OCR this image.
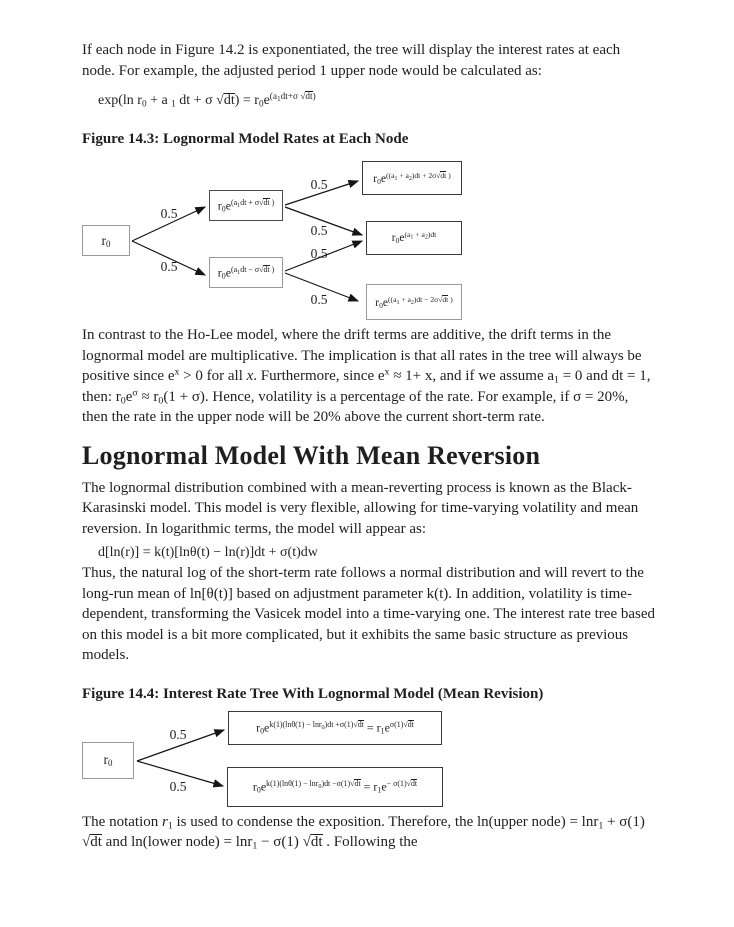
If each node in Figure 14.2 is exponentiated, the tree will display the interest rates at each node. For example, the adjusted period 1 upper node would be calculated as:

exp(ln $r_0 + a$ $_1$ dt + σ $√dt) = r_0e^{(a1dt+\sigma}$ $^{√dt)}$

Figure 14.3: Lognormal Model Rates at Each Node

0.5
0.5
0.5
0.5
0.5
0.5
$r_0$
$r_0e^{(a1dt + \sigma√dt}$ )
$r_0e^{(a1dt - \sigma√dt}$ )
$r_0e^{((a1}$ $^{+ a2)dt + 2\sigma√dt}$ )
$r_0e^{(a1}$ $^{+ a2)dt}$
$r_0e^{((a1}$ $^{+ a2)dt - 2\sigma√dt}$ )

In contrast to the Ho-Lee model, where the drift terms are additive, the drift terms in the lognormal model are multiplicative. The implication is that all rates in the tree will always be positive since $e^x > 0$ for all x. Furthermore, since $e^x \approx 1+ x$, and if we assume $a_1 = 0$ and dt = 1, then: $r_0e^\sigma \approx r_0(1 + \sigma)$. Hence, volatility is a percentage of the rate. For example, if σ = 20%, then the rate in the upper node will be 20% above the current short-term rate.

Lognormal Model With Mean Reversion

The lognormal distribution combined with a mean-reverting process is known as the Black-Karasinski model. This model is very flexible, allowing for time-varying volatility and mean reversion. In logarithmic terms, the model will appear as:

d[ln(r)] = k(t)[lnθ(t) − ln(r)]dt + σ(t)dw

Thus, the natural log of the short-term rate follows a normal distribution and will revert to the long-run mean of ln[θ(t)] based on adjustment parameter k(t). In addition, volatility is time-dependent, transforming the Vasicek model into a time-varying one. The interest rate tree based on this model is a bit more complicated, but it exhibits the same basic structure as previous models.

Figure 14.4: Interest Rate Tree With Lognormal Model (Mean Revision)

0.5
0.5
$r_0$
$r_0e^{k(1)(ln\theta(1) - lnr0)dt +\sigma(1)√dt} = r_1e^{\sigma(1)√dt}$
$r_0e^{k(1)(ln\theta(1) - lnr0)dt -\sigma(1)√dt} = r_1e^{- \sigma(1)√dt}$

The notation $r_1$ is used to condense the exposition. Therefore, the ln(upper node) = lnr$_1$ + σ(1) √dt and ln(lower node) = lnr$_1$ − σ(1) √dt . Following the
